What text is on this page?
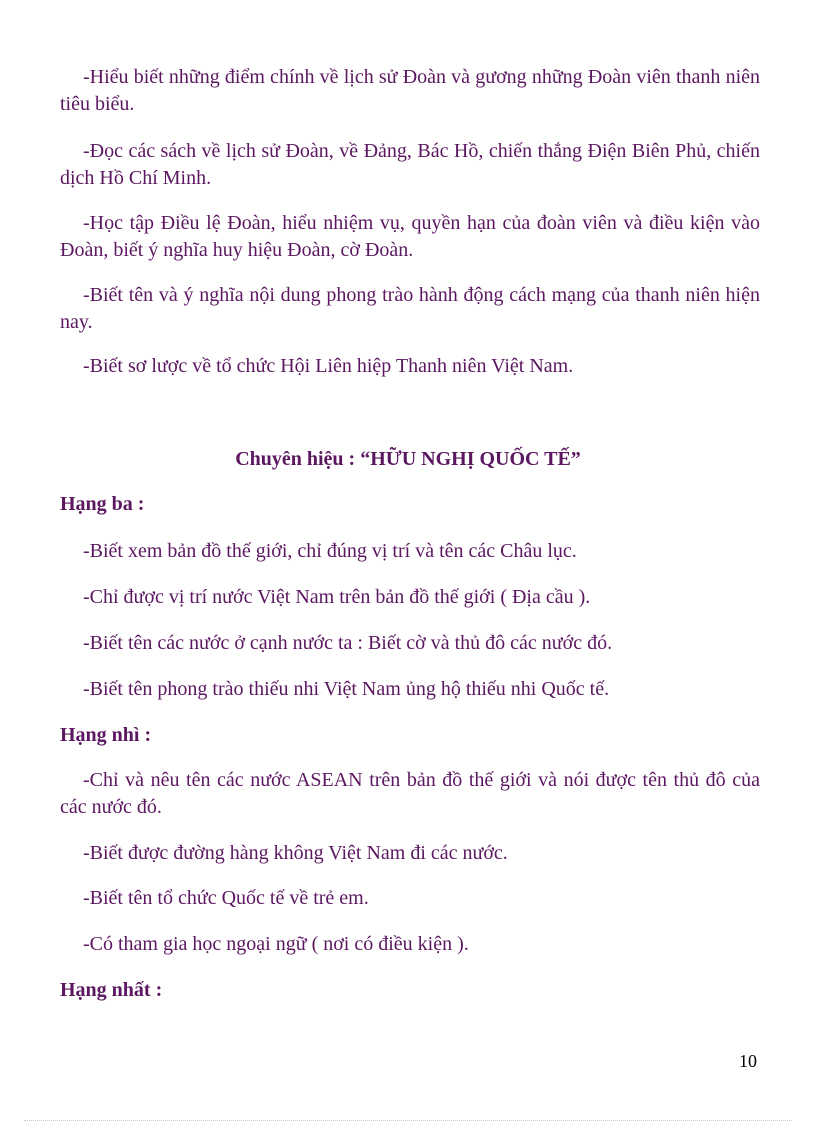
-Hiểu biết những điểm chính về lịch sử Đoàn và gương những Đoàn viên thanh niên tiêu biểu.

-Đọc các sách về lịch sử Đoàn, về Đảng, Bác Hồ, chiến thắng Điện Biên Phủ, chiến dịch Hồ Chí Minh.

-Học tập Điều lệ Đoàn, hiểu nhiệm vụ, quyền hạn của đoàn viên và điều kiện vào Đoàn, biết ý nghĩa huy hiệu Đoàn, cờ Đoàn.

-Biết tên và ý nghĩa nội dung phong trào hành động cách mạng của thanh niên hiện nay.

-Biết sơ lược về tổ chức Hội Liên hiệp Thanh niên Việt Nam.

Chuyên hiệu : “HỮU NGHỊ QUỐC TẾ”

Hạng ba :

-Biết xem bản đồ thế giới, chỉ đúng vị trí và tên các Châu lục.

-Chỉ được vị trí nước Việt Nam trên bản đồ thế giới ( Địa cầu ).

-Biết tên các nước ở cạnh nước ta : Biết cờ và thủ đô các nước đó.

-Biết tên phong trào thiếu nhi Việt Nam ủng hộ thiếu nhi Quốc tế.

Hạng nhì :

-Chỉ và nêu tên các nước ASEAN trên bản đồ thế giới và nói được tên thủ đô của các nước đó.

-Biết được đường hàng không Việt Nam đi các nước.

-Biết tên tổ chức Quốc tế về trẻ em.

-Có tham gia học ngoại ngữ ( nơi có điều kiện ).

Hạng nhất :

10
